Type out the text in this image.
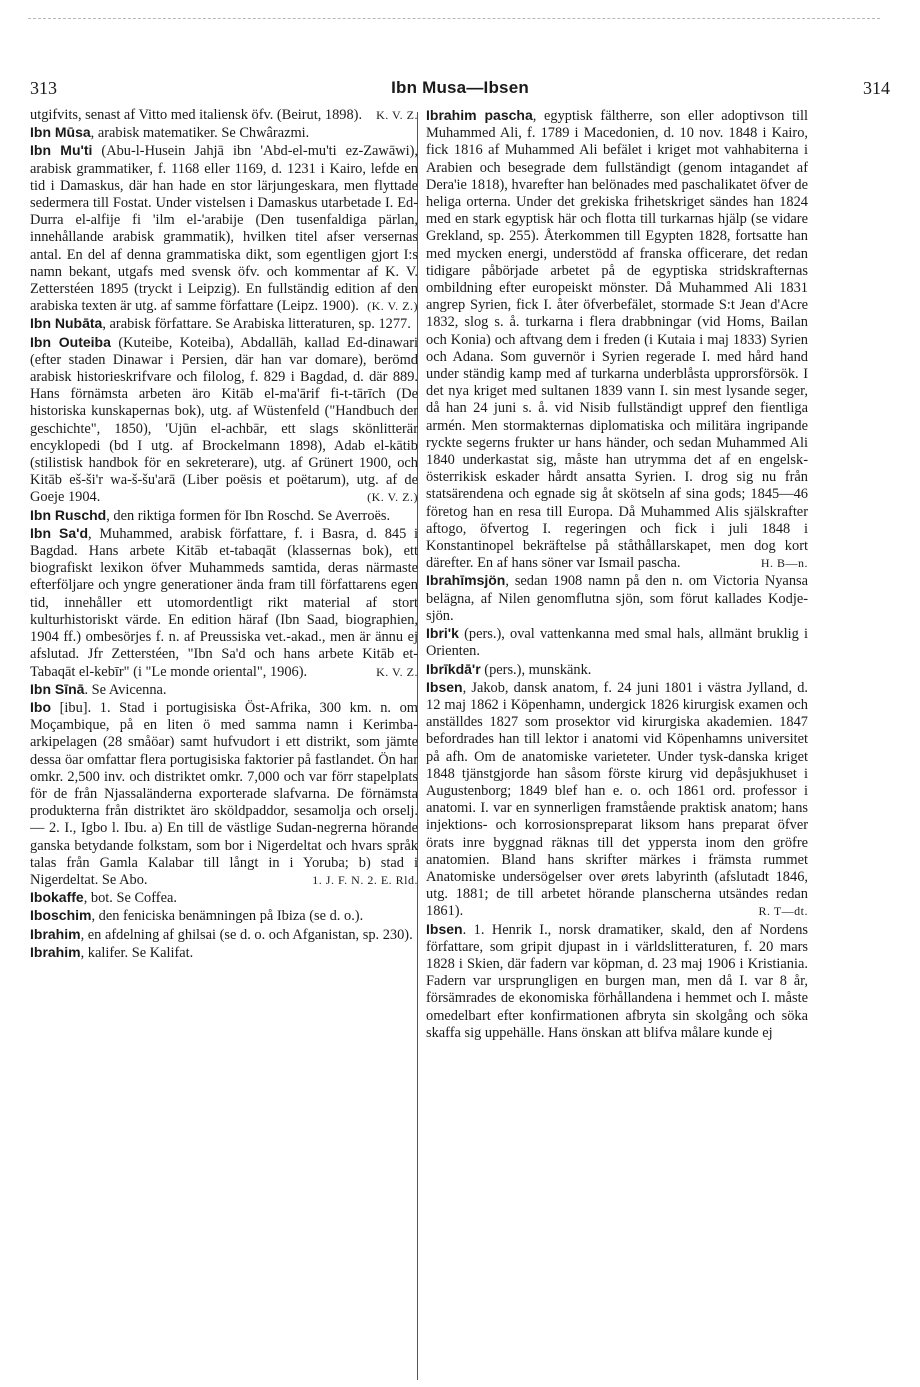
313	Ibn Musa—Ibsen	314

utgifvits, senast af Vitto med italiensk öfv. (Beirut, 1898). K. V. Z.

Ibn Mūsa, arabisk matematiker. Se Chwârazmi.

Ibn Mu'ti (Abu-l-Husein Jahjā ibn 'Abd-el-mu'ti ez-Zawāwi), arabisk grammatiker, f. 1168 eller 1169, d. 1231 i Kairo, lefde en tid i Damaskus, där han hade en stor lärjungeskara, men flyttade sedermera till Fostat. Under vistelsen i Damaskus utarbetade I. Ed-Durra el-alfije fi 'ilm el-'arabije (Den tusenfaldiga pärlan, innehållande arabisk grammatik), hvilken titel afser versernas antal. En del af denna grammatiska dikt, som egentligen gjort I:s namn bekant, utgafs med svensk öfv. och kommentar af K. V. Zetterstéen 1895 (tryckt i Leipzig). En fullständig edition af den arabiska texten är utg. af samme författare (Leipz. 1900). (K. V. Z.)

Ibn Nubāta, arabisk författare. Se Arabiska litteraturen, sp. 1277.

Ibn Outeiba (Kuteibe, Koteiba), Abdallāh, kallad Ed-dinawari (efter staden Dinawar i Persien, där han var domare), berömd arabisk historieskrifvare och filolog, f. 829 i Bagdad, d. där 889. Hans förnämsta arbeten äro Kitāb el-ma'ārif fi-t-tārīch (De historiska kunskapernas bok), utg. af Wüstenfeld ("Handbuch der geschichte", 1850), 'Ujūn el-achbār, ett slags skönlitterär encyklopedi (bd I utg. af Brockelmann 1898), Adab el-kātib (stilistisk handbok för en sekreterare), utg. af Grünert 1900, och Kitāb eš-ši'r wa-š-šu'arā (Liber poësis et poëtarum), utg. af de Goeje 1904.	(K. V. Z.)

Ibn Ruschd, den riktiga formen för Ibn Roschd. Se Averroës.

Ibn Sa'd, Muhammed, arabisk författare, f. i Basra, d. 845 i Bagdad. Hans arbete Kitāb et-tabaqāt (klassernas bok), ett biografiskt lexikon öfver Muhammeds samtida, deras närmaste efterföljare och yngre generationer ända fram till författarens egen tid, innehåller ett utomordentligt rikt material af stort kulturhistoriskt värde. En edition häraf (Ibn Saad, biographien, 1904 ff.) ombesörjes f. n. af Preussiska vet.-akad., men är ännu ej afslutad. Jfr Zetterstéen, "Ibn Sa'd och hans arbete Kitāb et-Tabaqāt el-kebīr" (i "Le monde oriental", 1906).	K. V. Z.

Ibn Sīnā. Se Avicenna.

Ibo [ibu]. 1. Stad i portugisiska Öst-Afrika, 300 km. n. om Moçambique, på en liten ö med samma namn i Kerimba-arkipelagen (28 småöar) samt hufvudort i ett distrikt, som jämte dessa öar omfattar flera portugisiska faktorier på fastlandet. Ön har omkr. 2,500 inv. och distriktet omkr. 7,000 och var förr stapelplats för de från Njassaländerna exporterade slafvarna. De förnämsta produkterna från distriktet äro sköldpaddor, sesamolja och orselj. — 2. I., Igbo l. Ibu. a) En till de västlige Sudan-negrerna hörande ganska betydande folkstam, som bor i Nigerdeltat och hvars språk talas från Gamla Kalabar till långt in i Yoruba; b) stad i Nigerdeltat. Se Abo.	1. J. F. N. 2. E. Rld.

Ibokaffe, bot. Se Coffea.

Iboschim, den feniciska benämningen på Ibiza (se d. o.).

Ibrahim, en afdelning af ghilsai (se d. o. och Afganistan, sp. 230).

Ibrahim, kalifer. Se Kalifat.

Ibrahim pascha, egyptisk fältherre, son eller adoptivson till Muhammed Ali, f. 1789 i Macedonien, d. 10 nov. 1848 i Kairo, fick 1816 af Muhammed Ali befälet i kriget mot vahhabiterna i Arabien och besegrade dem fullständigt (genom intagandet af Dera'ie 1818), hvarefter han belönades med paschalikatet öfver de heliga orterna. Under det grekiska frihetskriget sändes han 1824 med en stark egyptisk här och flotta till turkarnas hjälp (se vidare Grekland, sp. 255). Återkommen till Egypten 1828, fortsatte han med mycken energi, understödd af franska officerare, det redan tidigare påbörjade arbetet på de egyptiska stridskrafternas ombildning efter europeiskt mönster. Då Muhammed Ali 1831 angrep Syrien, fick I. åter öfverbefälet, stormade S:t Jean d'Acre 1832, slog s. å. turkarna i flera drabbningar (vid Homs, Bailan och Konia) och aftvang dem i freden (i Kutaia i maj 1833) Syrien och Adana. Som guvernör i Syrien regerade I. med hård hand under ständig kamp med af turkarna underblåsta upprorsförsök. I det nya kriget med sultanen 1839 vann I. sin mest lysande seger, då han 24 juni s. å. vid Nisib fullständigt uppref den fientliga armén. Men stormakternas diplomatiska och militära ingripande ryckte segerns frukter ur hans händer, och sedan Muhammed Ali 1840 underkastat sig, måste han utrymma det af en engelsk-österrikisk eskader hårdt ansatta Syrien. I. drog sig nu från statsärendena och egnade sig åt skötseln af sina gods; 1845—46 företog han en resa till Europa. Då Muhammed Alis själskrafter aftogo, öfvertog I. regeringen och fick i juli 1848 i Konstantinopel bekräftelse på ståthållarskapet, men dog kort därefter. En af hans söner var Ismail pascha.	H. B—n.

Ibrahīmsjön, sedan 1908 namn på den n. om Victoria Nyansa belägna, af Nilen genomflutna sjön, som förut kallades Kodje-sjön.

Ibri'k (pers.), oval vattenkanna med smal hals, allmänt bruklig i Orienten.

Ibrīkdā'r (pers.), munskänk.

Ibsen, Jakob, dansk anatom, f. 24 juni 1801 i västra Jylland, d. 12 maj 1862 i Köpenhamn, undergick 1826 kirurgisk examen och anställdes 1827 som prosektor vid kirurgiska akademien. 1847 befordrades han till lektor i anatomi vid Köpenhamns universitet på afh. Om de anatomiske varieteter. Under tysk-danska kriget 1848 tjänstgjorde han såsom förste kirurg vid depåsjukhuset i Augustenborg; 1849 blef han e. o. och 1861 ord. professor i anatomi. I. var en synnerligen framstående praktisk anatom; hans injektions- och korrosionspreparat liksom hans preparat öfver örats inre byggnad räknas till det yppersta inom den gröfre anatomien. Bland hans skrifter märkes i främsta rummet Anatomiske undersögelser over ørets labyrinth (afslutadt 1846, utg. 1881; de till arbetet hörande planscherna utsändes redan 1861).	R. T—dt.

Ibsen. 1. Henrik I., norsk dramatiker, skald, den af Nordens författare, som gripit djupast in i världslitteraturen, f. 20 mars 1828 i Skien, där fadern var köpman, d. 23 maj 1906 i Kristiania. Fadern var ursprungligen en burgen man, men då I. var 8 år, försämrades de ekonomiska förhållandena i hemmet och I. måste omedelbart efter konfirmationen afbryta sin skolgång och söka skaffa sig uppehälle. Hans önskan att blifva målare kunde ej
